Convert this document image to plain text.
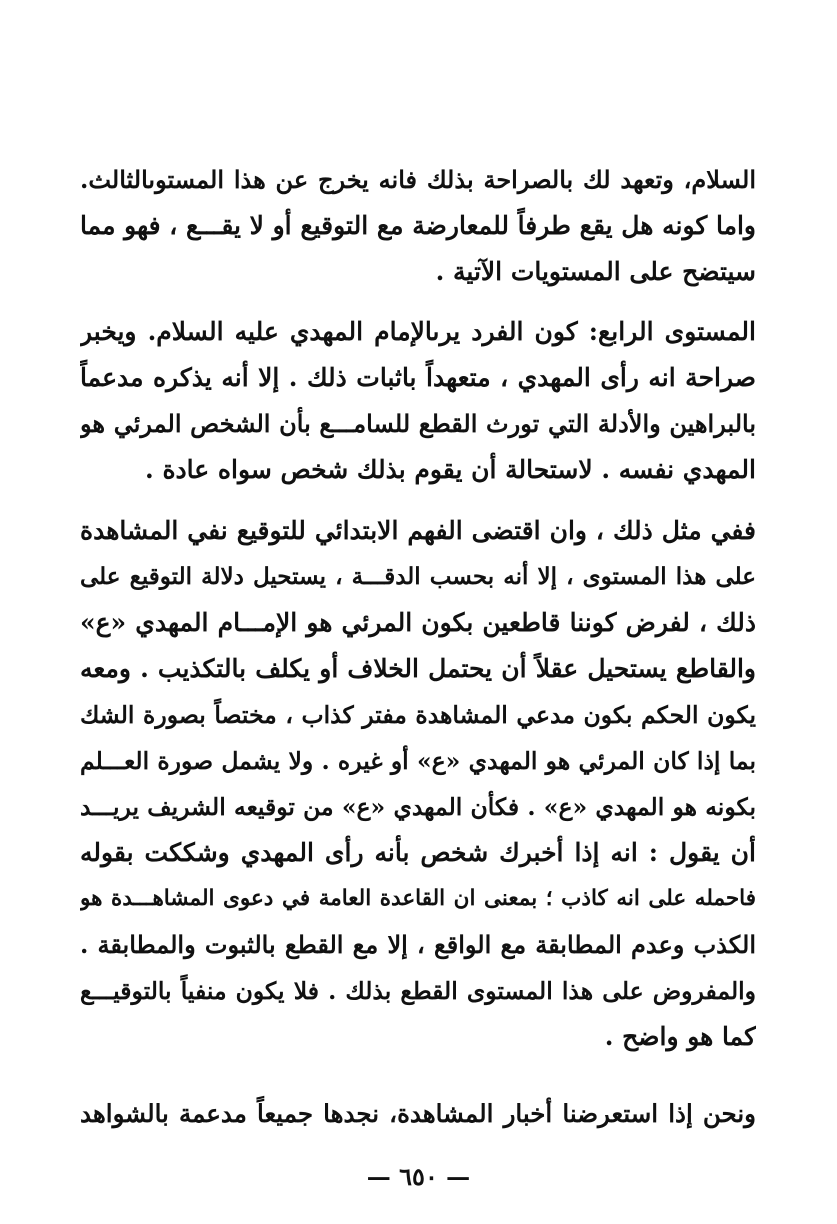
السلام، وتعهد لك بالصراحة بذلك فانه يخرج عن هذا المستوىالثالث.
واما كونه هل يقع طرفاً للمعارضة مع التوقيع أو لا يقـــع ، فهو مما
سيتضح على المستويات الآتية .
المستوى الرابع: كون الفرد يرىالإمام المهدي عليه السلام. ويخبر
صراحة انه رأى المهدي ، متعهداً باثبات ذلك . إلا أنه يذكره مدعماً
بالبراهين والأدلة التي تورث القطع للسامـــع بأن الشخص المرئي هو
المهدي نفسه . لاستحالة أن يقوم بذلك شخص سواه عادة .
ففي مثل ذلك ، وان اقتضى الفهم الابتدائي للتوقيع نفي المشاهدة
على هذا المستوى ، إلا أنه بحسب الدقـــة ، يستحيل دلالة التوقيع على
ذلك ، لفرض كوننا قاطعين بكون المرئي هو الإمـــام المهدي «ع»
والقاطع يستحيل عقلاً أن يحتمل الخلاف أو يكلف بالتكذيب . ومعه
يكون الحكم بكون مدعي المشاهدة مفتر كذاب ، مختصاً بصورة الشك
بما إذا كان المرئي هو المهدي «ع» أو غيره . ولا يشمل صورة العـــلم
بكونه هو المهدي «ع» . فكأن المهدي «ع» من توقيعه الشريف يريـــد
أن يقول : انه إذا أخبرك شخص بأنه رأى المهدي وشككت بقوله
فاحمله على انه كاذب ؛ بمعنى ان القاعدة العامة في دعوى المشاهـــدة هو
الكذب وعدم المطابقة مع الواقع ، إلا مع القطع بالثبوت والمطابقة .
والمفروض على هذا المستوى القطع بذلك . فلا يكون منفياً بالتوقيـــع
كما هو واضح .
ونحن إذا استعرضنا أخبار المشاهدة، نجدها جميعاً مدعمة بالشواهد
— ٦٥٠ —
